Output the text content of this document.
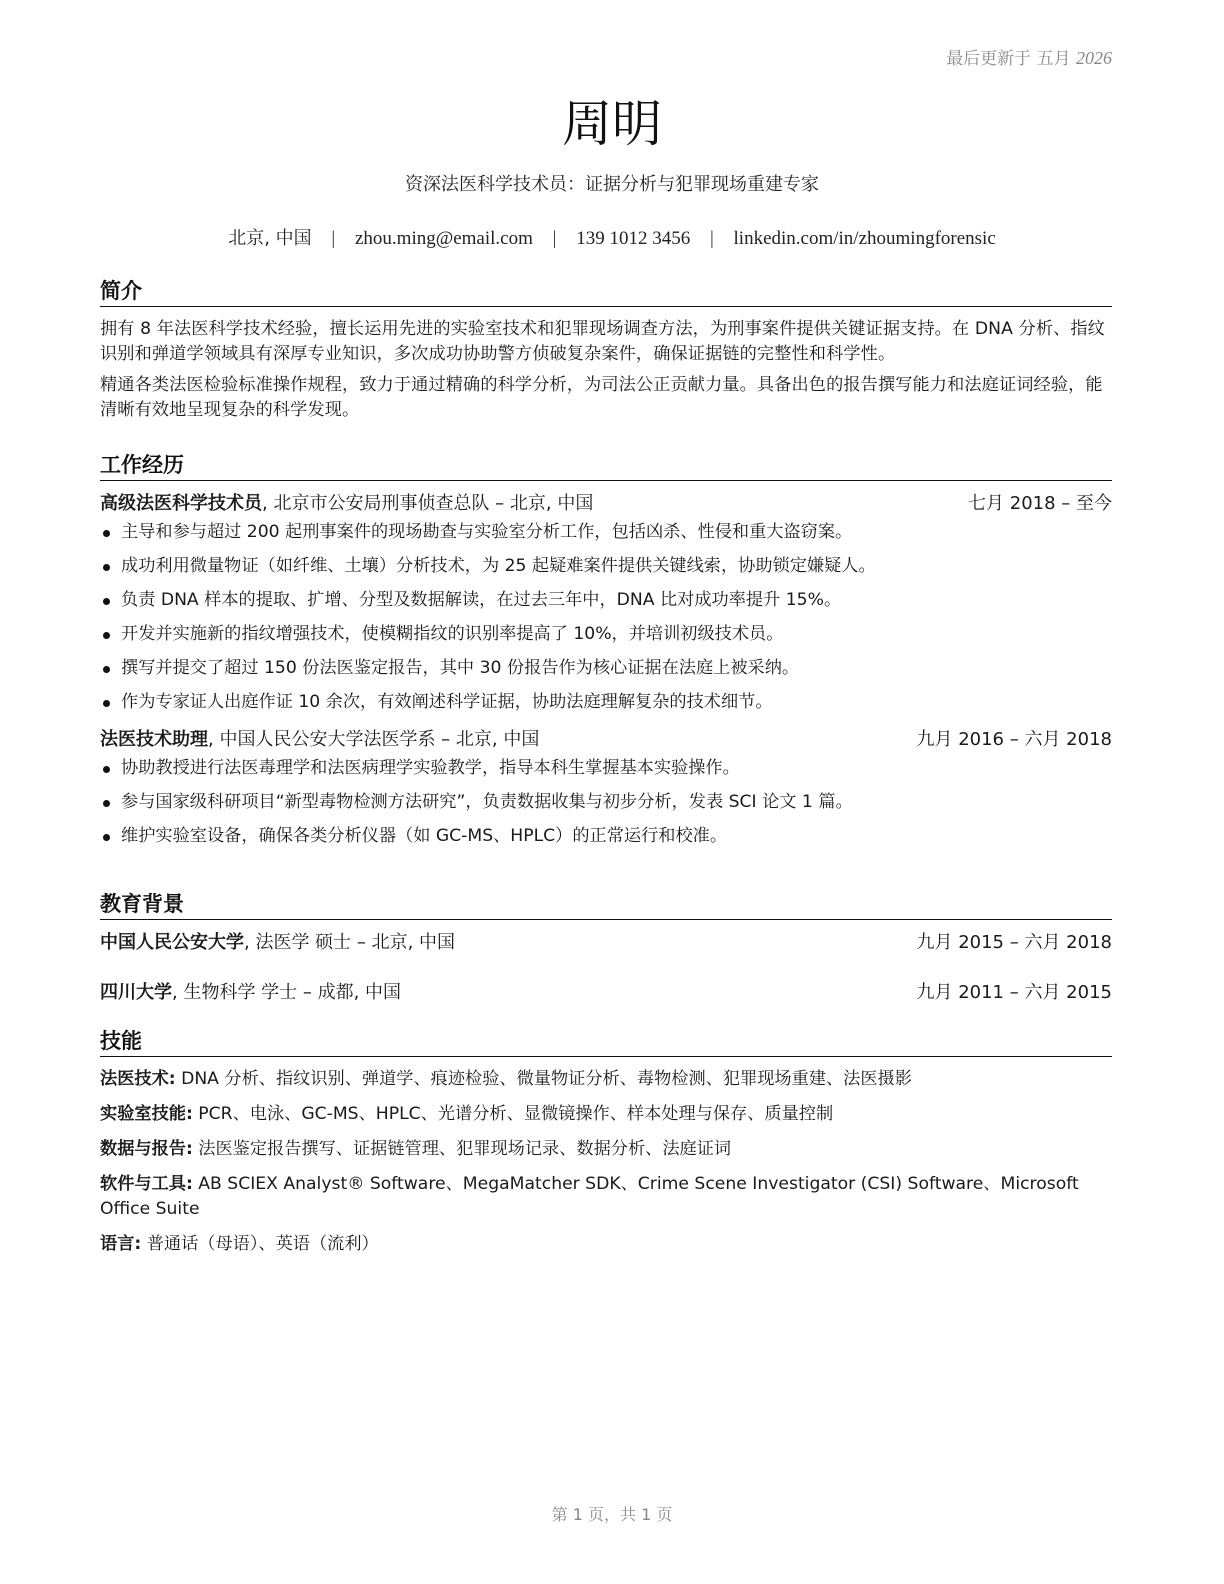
最后更新于 五月 2026
周明
资深法医科学技术员：证据分析与犯罪现场重建专家
北京, 中国 | zhou.ming@email.com | 139 1012 3456 | linkedin.com/in/zhoumingforensic
简介

拥有 8 年法医科学技术经验，擅长运用先进的实验室技术和犯罪现场调查方法，为刑事案件提供关键证据支持。在 DNA 分析、指纹识别和弹道学领域具有深厚专业知识，多次成功协助警方侦破复杂案件，确保证据链的完整性和科学性。

精通各类法医检验标准操作规程，致力于通过精确的科学分析，为司法公正贡献力量。具备出色的报告撰写能力和法庭证词经验，能清晰有效地呈现复杂的科学发现。

工作经历
高级法医科学技术员, 北京市公安局刑事侦查总队 – 北京, 中国	七月 2018 – 至今
主导和参与超过 200 起刑事案件的现场勘查与实验室分析工作，包括凶杀、性侵和重大盗窃案。
成功利用微量物证（如纤维、土壤）分析技术，为 25 起疑难案件提供关键线索，协助锁定嫌疑人。
负责 DNA 样本的提取、扩增、分型及数据解读，在过去三年中，DNA 比对成功率提升 15%。
开发并实施新的指纹增强技术，使模糊指纹的识别率提高了 10%，并培训初级技术员。
撰写并提交了超过 150 份法医鉴定报告，其中 30 份报告作为核心证据在法庭上被采纳。
作为专家证人出庭作证 10 余次，有效阐述科学证据，协助法庭理解复杂的技术细节。
法医技术助理, 中国人民公安大学法医学系 – 北京, 中国	九月 2016 – 六月 2018
协助教授进行法医毒理学和法医病理学实验教学，指导本科生掌握基本实验操作。
参与国家级科研项目“新型毒物检测方法研究”，负责数据收集与初步分析，发表 SCI 论文 1 篇。
维护实验室设备，确保各类分析仪器（如 GC-MS、HPLC）的正常运行和校准。
教育背景
中国人民公安大学, 法医学 硕士 – 北京, 中国	九月 2015 – 六月 2018
四川大学, 生物科学 学士 – 成都, 中国	九月 2011 – 六月 2015
技能
法医技术: DNA 分析、指纹识别、弹道学、痕迹检验、微量物证分析、毒物检测、犯罪现场重建、法医摄影
实验室技能: PCR、电泳、GC-MS、HPLC、光谱分析、显微镜操作、样本处理与保存、质量控制
数据与报告: 法医鉴定报告撰写、证据链管理、犯罪现场记录、数据分析、法庭证词
软件与工具: AB SCIEX Analyst® Software、MegaMatcher SDK、Crime Scene Investigator (CSI) Software、Microsoft Office Suite
语言: 普通话（母语）、英语（流利）
第 1 页，共 1 页
